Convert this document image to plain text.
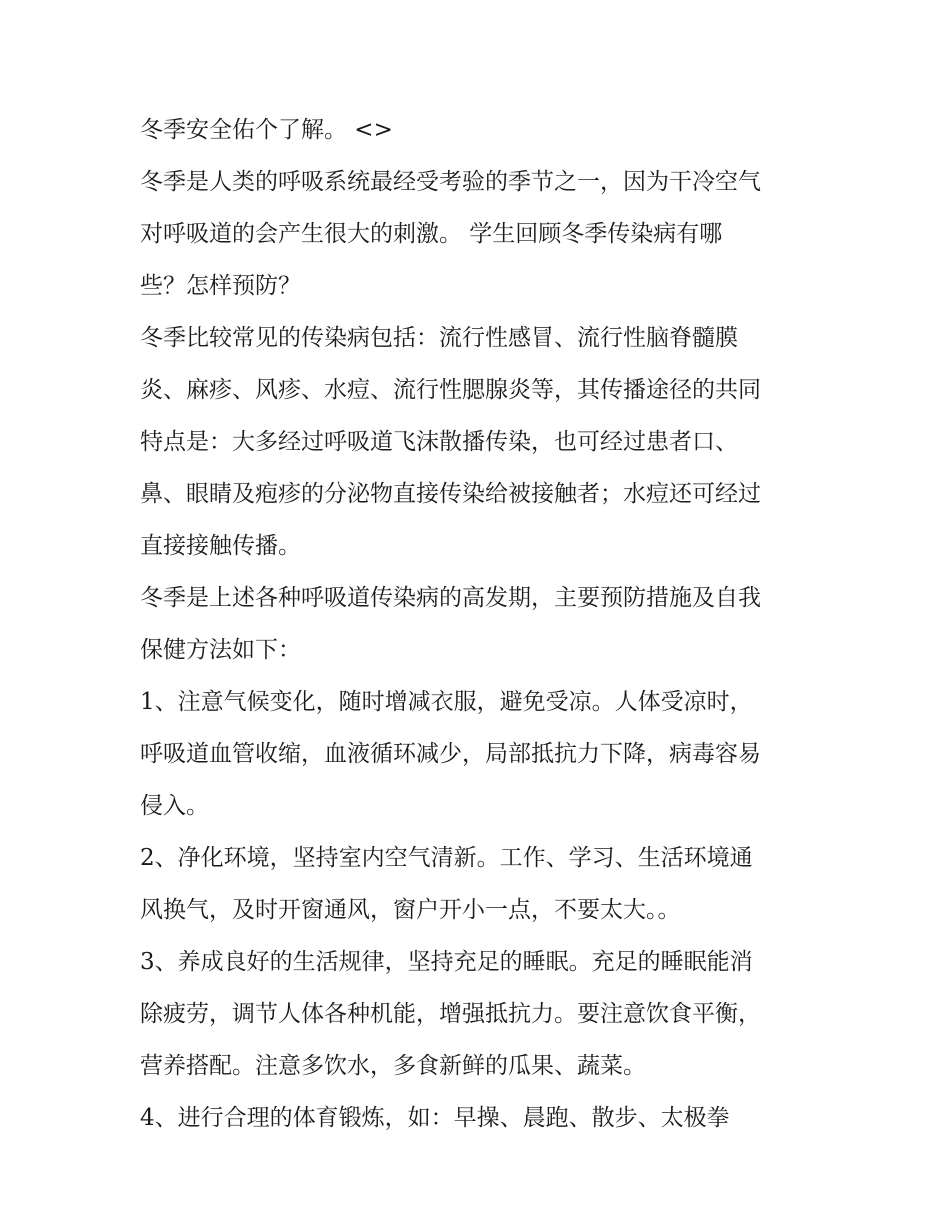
冬季安全佑个了解。 <>
冬季是人类的呼吸系统最经受考验的季节之一，因为干冷空气
对呼吸道的会产生很大的刺激。 学生回顾冬季传染病有哪
些？怎样预防？
冬季比较常见的传染病包括：流行性感冒、流行性脑脊髓膜
炎、麻疹、风疹、水痘、流行性腮腺炎等，其传播途径的共同
特点是：大多经过呼吸道飞沫散播传染，也可经过患者口、
鼻、眼睛及疱疹的分泌物直接传染给被接触者；水痘还可经过
直接接触传播。
冬季是上述各种呼吸道传染病的高发期，主要预防措施及自我
保健方法如下：
1、注意气候变化，随时增减衣服，避免受凉。人体受凉时，
呼吸道血管收缩，血液循环减少，局部抵抗力下降，病毒容易
侵入。
2、净化环境，坚持室内空气清新。工作、学习、生活环境通
风换气，及时开窗通风，窗户开小一点，不要太大。。
3、养成良好的生活规律，坚持充足的睡眠。充足的睡眠能消
除疲劳，调节人体各种机能，增强抵抗力。要注意饮食平衡，
营养搭配。注意多饮水，多食新鲜的瓜果、蔬菜。
4、进行合理的体育锻炼，如：早操、晨跑、散步、太极拳
